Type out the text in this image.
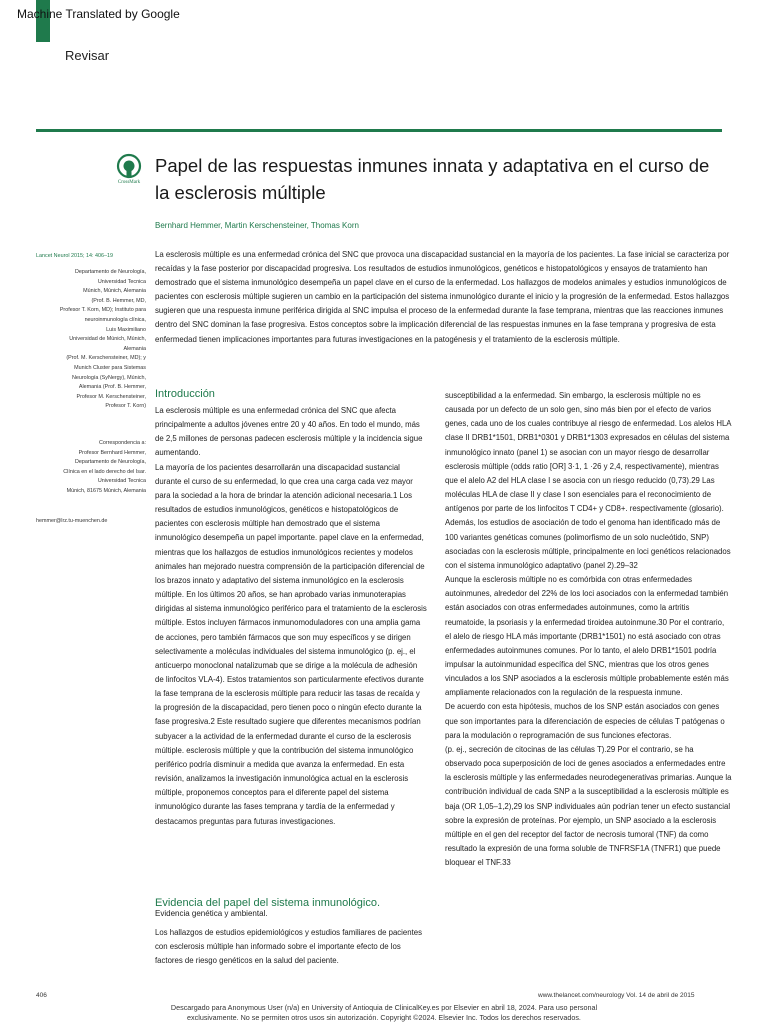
Machine Translated by Google
Revisar
CrossMark
Papel de las respuestas inmunes innata y adaptativa en el curso de la esclerosis múltiple
Bernhard Hemmer, Martin Kerschensteiner, Thomas Korn
Lancet Neurol 2015; 14: 406–19
Departamento de Neurología,
Universidad Tecnica
Múnich, Múnich, Alemania
(Prof. B. Hemmer, MD,
Profesor T. Korn, MD); Instituto para
neuroinmunología clínica,
Luis Maximiliano
Universidad de Múnich, Múnich,
Alemania
(Prof. M. Kerschensteiner, MD); y
Munich Cluster para Sistemas
Neurología (SyNergy), Múnich,
Alemania (Prof. B. Hemmer,
Profesor M. Kerschensteiner,
Profesor T. Korn)
Correspondencia a:
Profesor Bernhard Hemmer,
Departamento de Neurología,
Clínica en el lado derecho del Isar.
Universidad Tecnica
Múnich, 81675 Múnich, Alemania
hemmer@lrz.tu-muenchen.de
La esclerosis múltiple es una enfermedad crónica del SNC que provoca una discapacidad sustancial en la mayoría de los pacientes. La fase inicial se caracteriza por recaídas y la fase posterior por discapacidad progresiva. Los resultados de estudios inmunológicos, genéticos e histopatológicos y ensayos de tratamiento han demostrado que el sistema inmunológico desempeña un papel clave en el curso de la enfermedad. Los hallazgos de modelos animales y estudios inmunológicos de pacientes con esclerosis múltiple sugieren un cambio en la participación del sistema inmunológico durante el inicio y la progresión de la enfermedad. Estos hallazgos sugieren que una respuesta inmune periférica dirigida al SNC impulsa el proceso de la enfermedad durante la fase temprana, mientras que las reacciones inmunes dentro del SNC dominan la fase progresiva. Estos conceptos sobre la implicación diferencial de las respuestas inmunes en la fase temprana y progresiva de esta enfermedad tienen implicaciones importantes para futuras investigaciones en la patogénesis y el tratamiento de la esclerosis múltiple.
Introducción

La esclerosis múltiple es una enfermedad crónica del SNC que afecta principalmente a adultos jóvenes entre 20 y 40 años. En todo el mundo, más de 2,5 millones de personas padecen esclerosis múltiple y la incidencia sigue aumentando.

La mayoría de los pacientes desarrollarán una discapacidad sustancial durante el curso de su enfermedad, lo que crea una carga cada vez mayor para la sociedad a la hora de brindar la atención adicional necesaria.1 Los resultados de estudios inmunológicos, genéticos e histopatológicos de pacientes con esclerosis múltiple han demostrado que el sistema inmunológico desempeña un papel importante. papel clave en la enfermedad, mientras que los hallazgos de estudios inmunológicos recientes y modelos animales han mejorado nuestra comprensión de la participación diferencial de los brazos innato y adaptativo del sistema inmunológico en la esclerosis múltiple. En los últimos 20 años, se han aprobado varias inmunoterapias dirigidas al sistema inmunológico periférico para el tratamiento de la esclerosis múltiple. Estos incluyen fármacos inmunomoduladores con una amplia gama de acciones, pero también fármacos que son muy específicos y se dirigen selectivamente a moléculas individuales del sistema inmunológico (p. ej., el anticuerpo monoclonal natalizumab que se dirige a la molécula de adhesión de linfocitos VLA-4). Estos tratamientos son particularmente efectivos durante la fase temprana de la esclerosis múltiple para reducir las tasas de recaída y la progresión de la discapacidad, pero tienen poco o ningún efecto durante la fase progresiva.2 Este resultado sugiere que diferentes mecanismos podrían subyacer a la actividad de la enfermedad durante el curso de la esclerosis múltiple. esclerosis múltiple y que la contribución del sistema inmunológico periférico podría disminuir a medida que avanza la enfermedad. En esta revisión, analizamos la investigación inmunológica actual en la esclerosis múltiple, proponemos conceptos para el diferente papel del sistema inmunológico durante las fases temprana y tardía de la enfermedad y destacamos preguntas para futuras investigaciones.

Evidencia del papel del sistema inmunológico.
Evidencia genética y ambiental.
Los hallazgos de estudios epidemiológicos y estudios familiares de pacientes con esclerosis múltiple han informado sobre el importante efecto de los factores de riesgo genéticos en la salud del paciente.

susceptibilidad a la enfermedad. Sin embargo, la esclerosis múltiple no es causada por un defecto de un solo gen, sino más bien por el efecto de varios genes, cada uno de los cuales contribuye al riesgo de enfermedad. Los alelos HLA clase II DRB1*1501, DRB1*0301 y DRB1*1303 expresados en células del sistema inmunológico innato (panel 1) se asocian con un mayor riesgo de desarrollar esclerosis múltiple (odds ratio [OR] 3·1, 1 ·26 y 2,4, respectivamente), mientras que el alelo A2 del HLA clase I se asocia con un riesgo reducido (0,73).29 Las moléculas HLA de clase II y clase I son esenciales para el reconocimiento de antígenos por parte de los linfocitos T CD4+ y CD8+. respectivamente (glosario).

Además, los estudios de asociación de todo el genoma han identificado más de 100 variantes genéticas comunes (polimorfismo de un solo nucleótido, SNP) asociadas con la esclerosis múltiple, principalmente en loci genéticos relacionados con el sistema inmunológico adaptativo (panel 2).29–32

Aunque la esclerosis múltiple no es comórbida con otras enfermedades autoinmunes, alrededor del 22% de los loci asociados con la enfermedad también están asociados con otras enfermedades autoinmunes, como la artritis reumatoide, la psoriasis y la enfermedad tiroidea autoinmune.30 Por el contrario, el alelo de riesgo HLA más importante (DRB1*1501) no está asociado con otras enfermedades autoinmunes comunes. Por lo tanto, el alelo DRB1*1501 podría impulsar la autoinmunidad específica del SNC, mientras que los otros genes vinculados a los SNP asociados a la esclerosis múltiple probablemente estén más ampliamente relacionados con la regulación de la respuesta inmune.

De acuerdo con esta hipótesis, muchos de los SNP están asociados con genes que son importantes para la diferenciación de especies de células T patógenas o para la modulación o reprogramación de sus funciones efectoras.

(p. ej., secreción de citocinas de las células T).29 Por el contrario, se ha observado poca superposición de loci de genes asociados a enfermedades entre la esclerosis múltiple y las enfermedades neurodegenerativas primarias. Aunque la contribución individual de cada SNP a la susceptibilidad a la esclerosis múltiple es baja (OR 1,05–1,2),29 los SNP individuales aún podrían tener un efecto sustancial sobre la expresión de proteínas. Por ejemplo, un SNP asociado a la esclerosis múltiple en el gen del receptor del factor de necrosis tumoral (TNF) da como resultado la expresión de una forma soluble de TNFRSF1A (TNFR1) que puede bloquear el TNF.33

406	www.thelancet.com/neurology Vol. 14 de abril de 2015
Descargado para Anonymous User (n/a) en University of Antioquia de ClinicalKey.es por Elsevier en abril 18, 2024. Para uso personal
exclusivamente. No se permiten otros usos sin autorización. Copyright ©2024. Elsevier Inc. Todos los derechos reservados.
